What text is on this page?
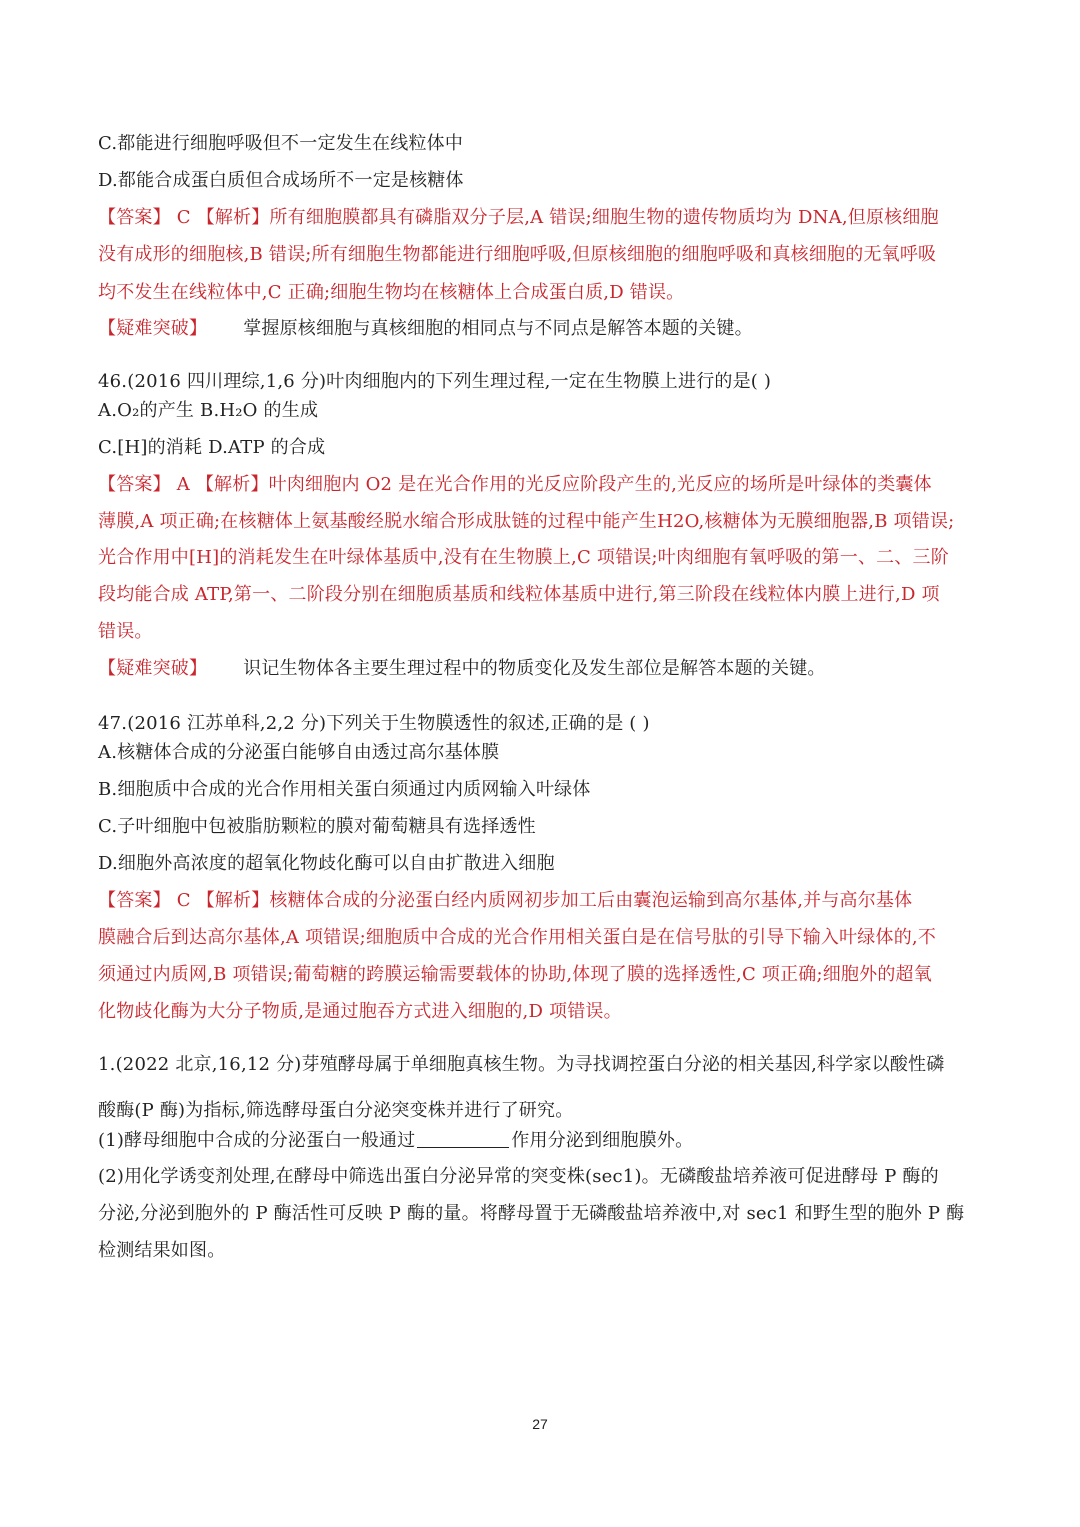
C.都能进行细胞呼吸但不一定发生在线粒体中
D.都能合成蛋白质但合成场所不一定是核糖体
【答案】 C 【解析】所有细胞膜都具有磷脂双分子层,A 错误;细胞生物的遗传物质均为 DNA,但原核细胞
没有成形的细胞核,B 错误;所有细胞生物都能进行细胞呼吸,但原核细胞的细胞呼吸和真核细胞的无氧呼吸
均不发生在线粒体中,C 正确;细胞生物均在核糖体上合成蛋白质,D 错误。
【疑难突破】 掌握原核细胞与真核细胞的相同点与不同点是解答本题的关键。
46.(2016 四川理综,1,6 分)叶肉细胞内的下列生理过程,一定在生物膜上进行的是( )
A.O₂的产生 B.H₂O 的生成
C.[H]的消耗 D.ATP 的合成
【答案】 A 【解析】叶肉细胞内 O2 是在光合作用的光反应阶段产生的,光反应的场所是叶绿体的类囊体
薄膜,A 项正确;在核糖体上氨基酸经脱水缩合形成肽链的过程中能产生H2O,核糖体为无膜细胞器,B 项错误;
光合作用中[H]的消耗发生在叶绿体基质中,没有在生物膜上,C 项错误;叶肉细胞有氧呼吸的第一、二、三阶
段均能合成 ATP,第一、二阶段分别在细胞质基质和线粒体基质中进行,第三阶段在线粒体内膜上进行,D 项
错误。
【疑难突破】 识记生物体各主要生理过程中的物质变化及发生部位是解答本题的关键。
47.(2016 江苏单科,2,2 分)下列关于生物膜透性的叙述,正确的是 ( )
A.核糖体合成的分泌蛋白能够自由透过高尔基体膜
B.细胞质中合成的光合作用相关蛋白须通过内质网输入叶绿体
C.子叶细胞中包被脂肪颗粒的膜对葡萄糖具有选择透性
D.细胞外高浓度的超氧化物歧化酶可以自由扩散进入细胞
【答案】 C 【解析】核糖体合成的分泌蛋白经内质网初步加工后由囊泡运输到高尔基体,并与高尔基体
膜融合后到达高尔基体,A 项错误;细胞质中合成的光合作用相关蛋白是在信号肽的引导下输入叶绿体的,不
须通过内质网,B 项错误;葡萄糖的跨膜运输需要载体的协助,体现了膜的选择透性,C 项正确;细胞外的超氧
化物歧化酶为大分子物质,是通过胞吞方式进入细胞的,D 项错误。
1.(2022 北京,16,12 分)芽殖酵母属于单细胞真核生物。为寻找调控蛋白分泌的相关基因,科学家以酸性磷
酸酶(P 酶)为指标,筛选酵母蛋白分泌突变株并进行了研究。
(1)酵母细胞中合成的分泌蛋白一般通过	作用分泌到细胞膜外。
(2)用化学诱变剂处理,在酵母中筛选出蛋白分泌异常的突变株(sec1)。无磷酸盐培养液可促进酵母 P 酶的
分泌,分泌到胞外的 P 酶活性可反映 P 酶的量。将酵母置于无磷酸盐培养液中,对 sec1 和野生型的胞外 P 酶
检测结果如图。
27
